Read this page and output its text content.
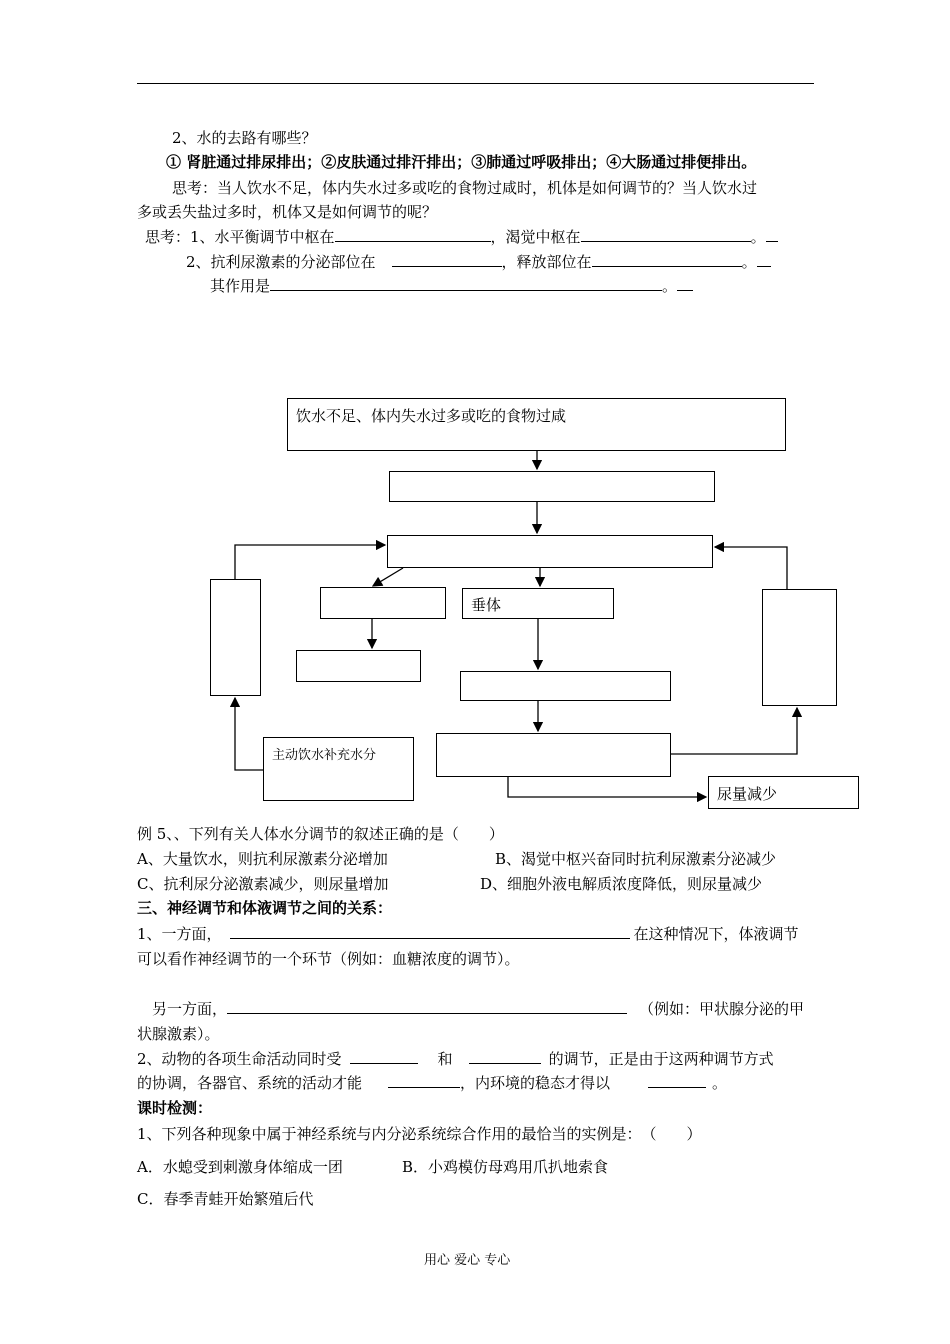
2、水的去路有哪些？
① 肾脏通过排尿排出；②皮肤通过排汗排出；③肺通过呼吸排出；④大肠通过排便排出。
思考：当人饮水不足，体内失水过多或吃的食物过咸时，机体是如何调节的？当人饮水过
多或丢失盐过多时，机体又是如何调节的呢？
思考：1、水平衡调节中枢在	，渴觉中枢在	。
2、抗利尿激素的分泌部位在	，释放部位在	。
其作用是	。
饮水不足、体内失水过多或吃的食物过咸
垂体
主动饮水补充水分
尿量减少
例 5、、下列有关人体水分调节的叙述正确的是（　　）
A、大量饮水，则抗利尿激素分泌增加	B、渴觉中枢兴奋同时抗利尿激素分泌减少
C、抗利尿分泌激素减少，则尿量增加	D、细胞外液电解质浓度降低，则尿量减少
三、神经调节和体液调节之间的关系：
1、一方面，	在这种情况下，体液调节
可以看作神经调节的一个环节（例如：血糖浓度的调节）。
另一方面，	（例如：甲状腺分泌的甲
状腺激素）。
2、动物的各项生命活动同时受	和	的调节，正是由于这两种调节方式
的协调，各器官、系统的活动才能	，内环境的稳态才得以	。
课时检测：
1、下列各种现象中属于神经系统与内分泌系统综合作用的最恰当的实例是：　（　　）
A．水螅受到刺激身体缩成一团	B．小鸡模仿母鸡用爪扒地索食
C．春季青蛙开始繁殖后代
用心 爱心 专心
